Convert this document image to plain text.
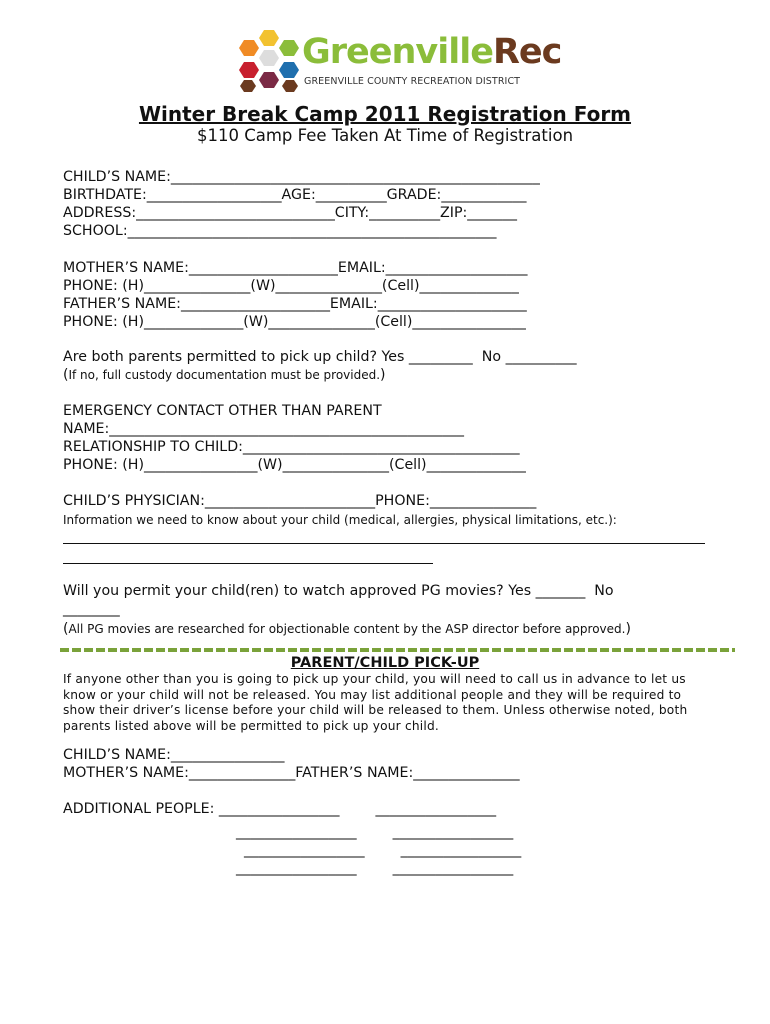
GreenvilleRec
GREENVILLE COUNTY RECREATION DISTRICT
Winter Break Camp 2011 Registration Form
$110 Camp Fee Taken At Time of Registration
CHILD’S NAME:____________________________________________________
BIRTHDATE:___________________AGE:__________GRADE:____________
ADDRESS:____________________________CITY:__________ZIP:_______
SCHOOL:____________________________________________________
MOTHER’S NAME:_____________________EMAIL:____________________
PHONE: (H)_______________(W)_______________(Cell)______________
FATHER’S NAME:_____________________EMAIL:_____________________
PHONE: (H)______________(W)_______________(Cell)________________
Are both parents permitted to pick up child? Yes _________  No __________
(If no, full custody documentation must be provided.)
EMERGENCY CONTACT OTHER THAN PARENT
NAME:__________________________________________________
RELATIONSHIP TO CHILD:_______________________________________
PHONE: (H)________________(W)_______________(Cell)______________
CHILD’S PHYSICIAN:________________________PHONE:_______________
Information we need to know about your child (medical, allergies, physical limitations, etc.):
Will you permit your child(ren) to watch approved PG movies? Yes _______  No
________
(All PG movies are researched for objectionable content by the ASP director before approved.)
PARENT/CHILD PICK-UP
If anyone other than you is going to pick up your child, you will need to call us in advance to let us know or your child will not be released. You may list additional people and they will be required to show their driver’s license before your child will be released to them. Unless otherwise noted, both parents listed above will be permitted to pick up your child.
CHILD’S NAME:________________
MOTHER’S NAME:_______________FATHER’S NAME:_______________
ADDITIONAL PEOPLE: _________________        _________________
_________________        _________________
_________________        _________________
_________________        _________________
